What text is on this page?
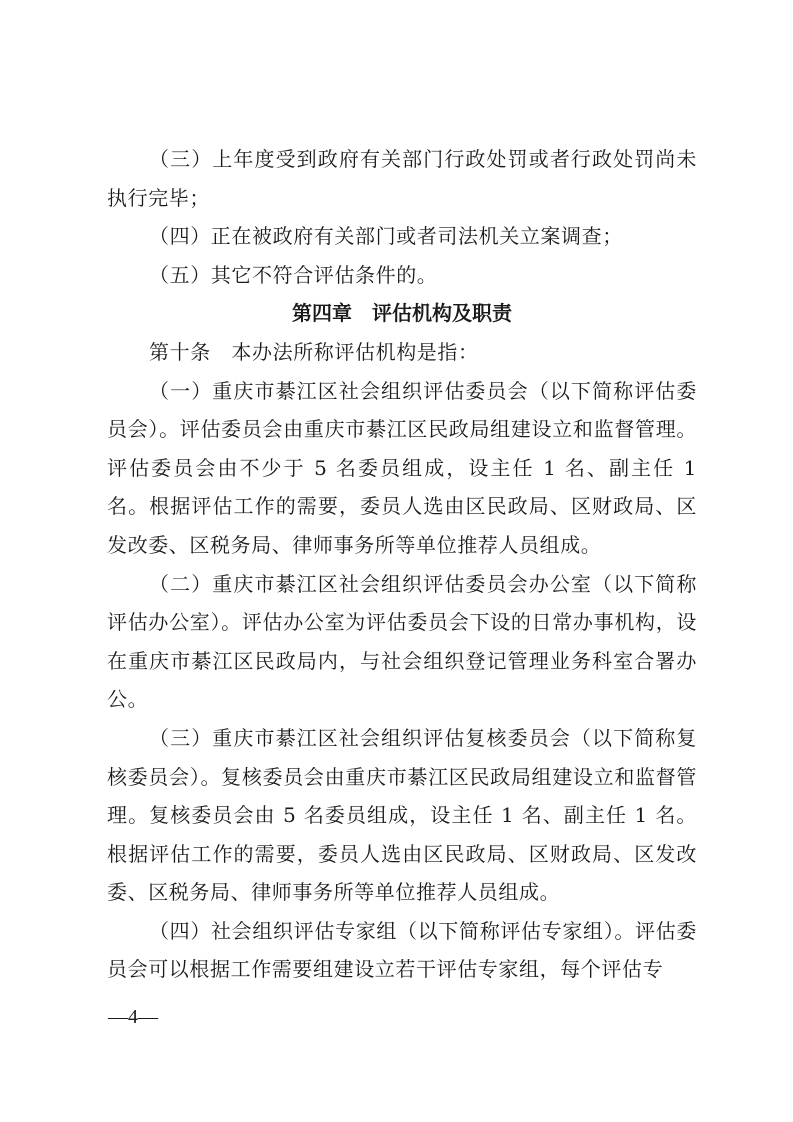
（三）上年度受到政府有关部门行政处罚或者行政处罚尚未执行完毕；

（四）正在被政府有关部门或者司法机关立案调查；

（五）其它不符合评估条件的。

第四章　评估机构及职责

第十条　本办法所称评估机构是指：

（一）重庆市綦江区社会组织评估委员会（以下简称评估委员会）。评估委员会由重庆市綦江区民政局组建设立和监督管理。评估委员会由不少于 5 名委员组成，设主任 1 名、副主任 1 名。根据评估工作的需要，委员人选由区民政局、区财政局、区发改委、区税务局、律师事务所等单位推荐人员组成。

（二）重庆市綦江区社会组织评估委员会办公室（以下简称评估办公室）。评估办公室为评估委员会下设的日常办事机构，设在重庆市綦江区民政局内，与社会组织登记管理业务科室合署办公。

（三）重庆市綦江区社会组织评估复核委员会（以下简称复核委员会）。复核委员会由重庆市綦江区民政局组建设立和监督管理。复核委员会由 5 名委员组成，设主任 1 名、副主任 1 名。根据评估工作的需要，委员人选由区民政局、区财政局、区发改委、区税务局、律师事务所等单位推荐人员组成。

（四）社会组织评估专家组（以下简称评估专家组）。评估委员会可以根据工作需要组建设立若干评估专家组，每个评估专

—4—
